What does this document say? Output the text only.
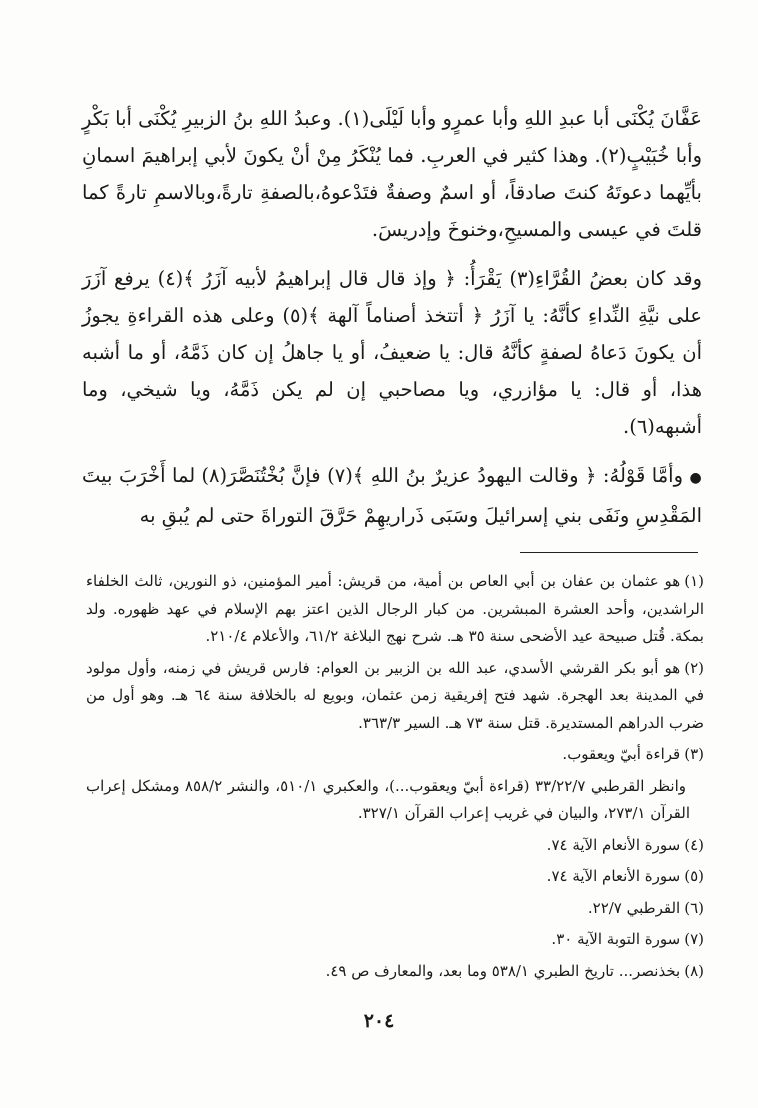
عَفَّانَ يُكْنَى أبا عبدِ اللهِ وأبا عمرٍو وأبا لَيْلَى(١). وعبدُ اللهِ بنُ الزبيرِ يُكْنَى أبا بَكْرٍ وأبا خُبَيْبٍ(٢). وهذا كثير في العربِ. فما يُنْكَرُ مِنْ أنْ يكونَ لأبي إبراهيمَ اسمانِ بأيِّهما دعوتَهُ كنتَ صادقاً، أو اسمٌ وصفةٌ فتَدْعوهُ،بالصفةِ تارةً،وبالاسمِ تارةً كما قلتَ في عيسى والمسيحِ،وخنوخَ وإدريسَ.

وقد كان بعضُ القُرَّاءِ(٣) يَقْرَأُ: ﴿ وإذ قال قال إبراهيمُ لأبيه آزَرُ ﴾(٤) يرفع آزَرَ على نيَّةِ النِّداءِ كأنَّهُ: يا آزَرُ ﴿ أتتخذ أصناماً آلهة ﴾(٥) وعلى هذه القراءةِ يجوزُ أن يكونَ دَعاهُ لصفةٍ كأنَّهُ قال: يا ضعيفُ، أو يا جاهلُ إن كان ذَمَّهُ، أو ما أشبه هذا، أو قال: يا مؤازري، ويا مصاحبي إن لم يكن ذَمَّهُ، ويا شيخي، وما أشبهه(٦).

● وأمَّا قَوْلُهُ: ﴿ وقالت اليهودُ عزيرٌ بنُ اللهِ ﴾(٧) فإنَّ بُخْتُنَصَّرَ(٨) لما أَخْرَبَ بيتَ المَقْدِسِ ونَفَى بني إسرائيلَ وسَبَى ذَراريهِمْ حَرَّقَ التوراةَ حتى لم يُبقِ به

(١)هو عثمان بن عفان بن أبي العاص بن أمية، من قريش: أمير المؤمنين، ذو النورين، ثالث الخلفاء الراشدين، وأحد العشرة المبشرين. من كبار الرجال الذين اعتز بهم الإسلام في عهد ظهوره. ولد بمكة. قُتل صبيحة عيد الأضحى سنة ٣٥ هـ. شرح نهج البلاغة ٦١/٢، والأعلام ٢١٠/٤.
(٢)هو أبو بكر القرشي الأسدي، عبد الله بن الزبير بن العوام: فارس قريش في زمنه، وأول مولود في المدينة بعد الهجرة. شهد فتح إفريقية زمن عثمان، وبويع له بالخلافة سنة ٦٤ هـ. وهو أول من ضرب الدراهم المستديرة. قتل سنة ٧٣ هـ. السير ٣٦٣/٣.
(٣)قراءة أبيّ ويعقوب.
وانظر القرطبي ٣٣/٢٢/٧ (قراءة أبيّ ويعقوب...)، والعكبري ٥١٠/١، والنشر ٨٥٨/٢ ومشكل إعراب القرآن ٢٧٣/١، والبيان في غريب إعراب القرآن ٣٢٧/١.
(٤)سورة الأنعام الآية ٧٤.
(٥)سورة الأنعام الآية ٧٤.
(٦)القرطبي ٢٢/٧.
(٧)سورة التوبة الآية ٣٠.
(٨)بخذنصر... تاريخ الطبري ٥٣٨/١ وما بعد، والمعارف ص ٤٩.
٢٠٤
